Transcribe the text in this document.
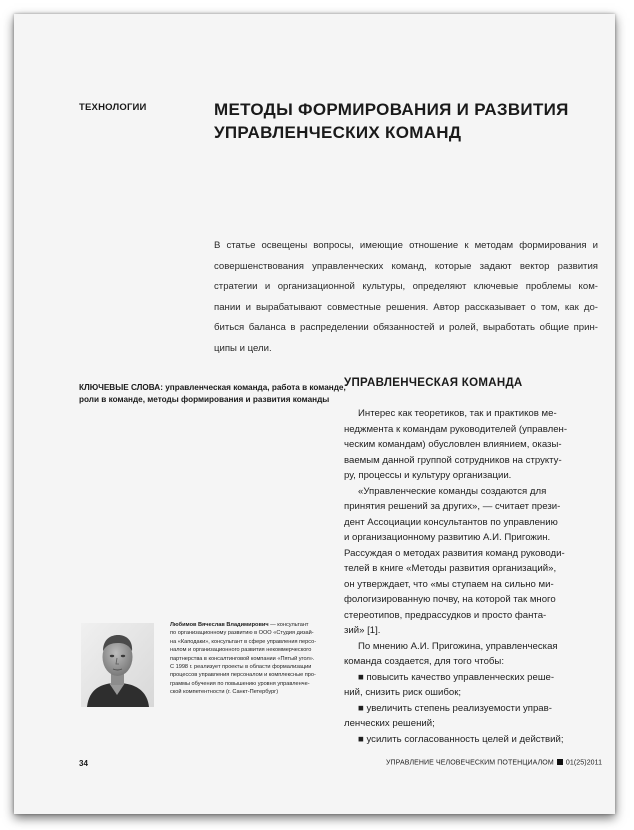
ТЕХНОЛОГИИ	МЕТОДЫ ФОРМИРОВАНИЯ И РАЗВИТИЯ
УПРАВЛЕНЧЕСКИХ КОМАНД
В статье освещены вопросы, имеющие отношение к методам формирования и
совершенствования управленческих команд, которые задают вектор развития
стратегии и организационной культуры, определяют ключевые проблемы ком-
пании и вырабатывают совместные решения. Автор рассказывает о том, как до-
биться баланса в распределении обязанностей и ролей, выработать общие прин-
ципы и цели.
КЛЮЧЕВЫЕ СЛОВА: управленческая команда, работа в команде,
роли в команде, методы формирования и развития команды
УПРАВЛЕНЧЕСКАЯ КОМАНДА
Интерес как теоретиков, так и практиков ме-
неджмента к командам руководителей (управлен-
ческим командам) обусловлен влиянием, оказы-
ваемым данной группой сотрудников на структу-
ру, процессы и культуру организации.
«Управленческие команды создаются для
принятия решений за других», — считает прези-
дент Ассоциации консультантов по управлению
и организационному развитию А.И. Пригожин.
Рассуждая о методах развития команд руководи-
телей в книге «Методы развития организаций»,
он утверждает, что «мы ступаем на сильно ми-
фологизированную почву, на которой так много
стереотипов, предрассудков и просто фанта-
зий» [1].
По мнению А.И. Пригожина, управленческая
команда создается, для того чтобы:
■ повысить качество управленческих реше-
ний, снизить риск ошибок;
■ увеличить степень реализуемости управ-
ленческих решений;
■ усилить согласованность целей и действий;
Любимов Вячеслав Владимирович — консультант
по организационному развитию в ООО «Студия дизай-
на «Каподаки», консультант в сфере управления персо-
налом и организационного развития некоммерческого
партнерства в консалтинговой компании «Пятый угол».
С 1998 г. реализует проекты в области формализации
процессов управления персоналом и комплексные про-
граммы обучения по повышению уровня управленче-
ской компетентности (г. Санкт-Петербург)
34	УПРАВЛЕНИЕ ЧЕЛОВЕЧЕСКИМ ПОТЕНЦИАЛОМ 01(25)2011
